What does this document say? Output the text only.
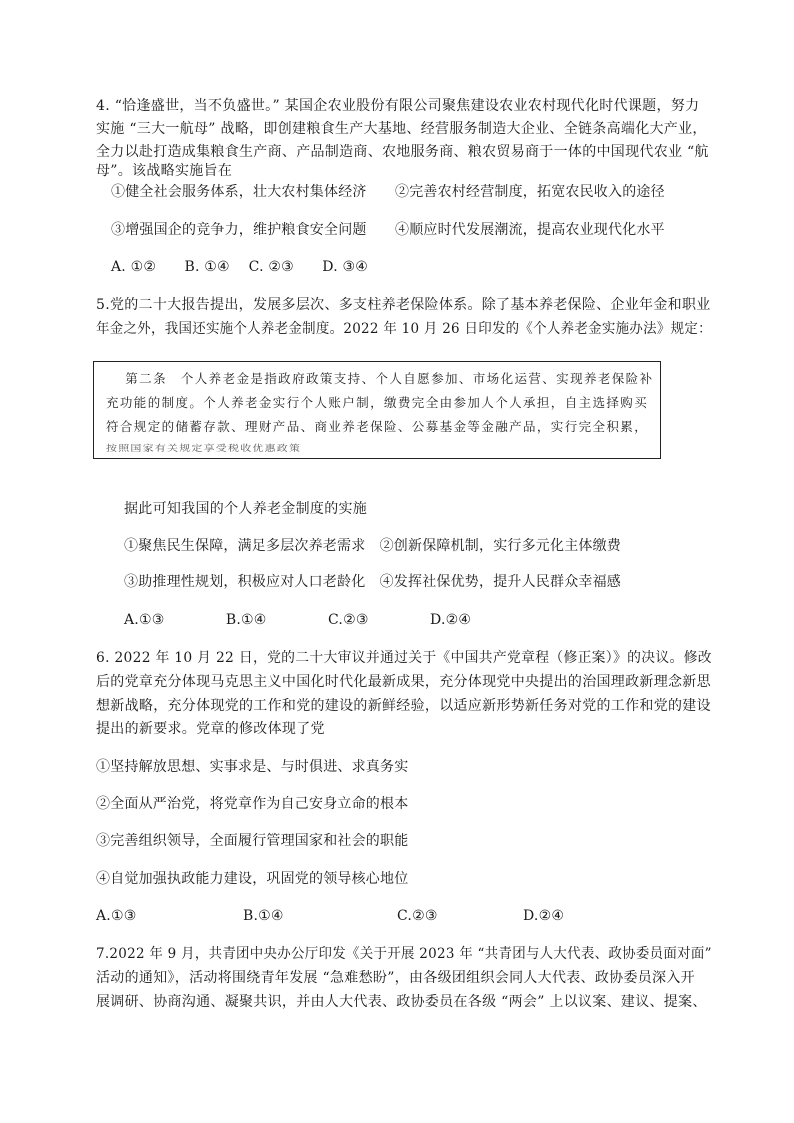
4. “恰逢盛世，当不负盛世。” 某国企农业股份有限公司聚焦建设农业农村现代化时代课题，努力
实施 “三大一航母” 战略，即创建粮食生产大基地、经营服务制造大企业、全链条高端化大产业，
全力以赴打造成集粮食生产商、产品制造商、农地服务商、粮农贸易商于一体的中国现代农业 “航
母”。该战略实施旨在
①健全社会服务体系，壮大农村集体经济　　②完善农村经营制度，拓宽农民收入的途径
③增强国企的竞争力，维护粮食安全问题　　④顺应时代发展潮流，提高农业现代化水平
A. ①②　　B. ①④　 C. ②③　　D. ③④
5.党的二十大报告提出，发展多层次、多支柱养老保险体系。除了基本养老保险、企业年金和职业
年金之外，我国还实施个人养老金制度。2022 年 10 月 26 日印发的《个人养老金实施办法》规定：
　 第二条　个人养老金是指政府政策支持、个人自愿参加、市场化运营、实现养老保险补
充功能的制度。个人养老金实行个人账户制，缴费完全由参加人个人承担，自主选择购买
符合规定的储蓄存款、理财产品、商业养老保险、公募基金等金融产品，实行完全积累，
按照国家有关规定享受税收优惠政策
据此可知我国的个人养老金制度的实施
①聚焦民生保障，满足多层次养老需求　②创新保障机制，实行多元化主体缴费
③助推理性规划，积极应对人口老龄化　④发挥社保优势，提升人民群众幸福感
A.①③　　　　 B.①④　　　　 C.②③　　　　 D.②④
6. 2022 年 10 月 22 日，党的二十大审议并通过关于《中国共产党章程（修正案）》的决议。修改
后的党章充分体现马克思主义中国化时代化最新成果，充分体现党中央提出的治国理政新理念新思
想新战略，充分体现党的工作和党的建设的新鲜经验，以适应新形势新任务对党的工作和党的建设
提出的新要求。党章的修改体现了党
①坚持解放思想、实事求是、与时俱进、求真务实
②全面从严治党，将党章作为自己安身立命的根本
③完善组织领导，全面履行管理国家和社会的职能
④自觉加强执政能力建设，巩固党的领导核心地位
A.①③	B.①④	C.②③	D.②④
7.2022 年 9 月，共青团中央办公厅印发《关于开展 2023 年 “共青团与人大代表、政协委员面对面”
活动的通知》，活动将围绕青年发展 “急难愁盼”，由各级团组织会同人大代表、政协委员深入开
展调研、协商沟通、凝聚共识，并由人大代表、政协委员在各级 “两会” 上以议案、建议、提案、
